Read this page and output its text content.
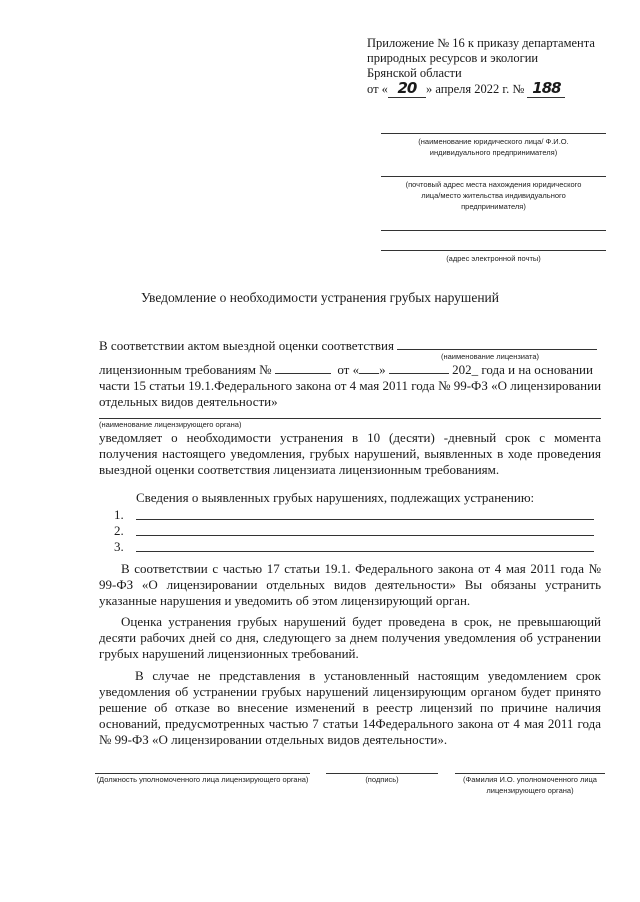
Приложение № 16 к приказу департамента
природных ресурсов и экологии
Брянской области
от « 20 » апреля 2022 г. № 188
(наименование юридического лица/ Ф.И.О.
индивидуального предпринимателя)
(почтовый адрес места нахождения юридического
лица/место жительства индивидуального
предпринимателя)
(адрес электронной почты)
Уведомление о необходимости устранения грубых нарушений
В соответствии актом выездной оценки соответствия
(наименование лицензиата)
лицензионным требованиям №	от « »	202_ года и на основании
части 15 статьи 19.1.Федерального закона от 4 мая 2011 года № 99-ФЗ «О лицензировании
отдельных видов деятельности»
(наименование лицензирующего органа)
уведомляет о необходимости устранения в 10 (десяти) -дневный срок с момента получения настоящего уведомления, грубых нарушений, выявленных в ходе проведения выездной оценки соответствия лицензиата лицензионным требованиям.
Сведения о выявленных грубых нарушениях, подлежащих устранению:
1.
2.
3.
В соответствии с частью 17 статьи 19.1. Федерального закона от 4 мая 2011 года № 99-ФЗ «О лицензировании отдельных видов деятельности» Вы обязаны устранить указанные нарушения и уведомить об этом лицензирующий орган.
Оценка устранения грубых нарушений будет проведена в срок, не превышающий десяти рабочих дней со дня, следующего за днем получения уведомления об устранении грубых нарушений лицензионных требований.
В случае не представления в установленный настоящим уведомлением срок уведомления об устранении грубых нарушений лицензирующим органом будет принято решение об отказе во внесение изменений в реестр лицензий по причине наличия оснований, предусмотренных частью 7 статьи 14Федерального закона от 4 мая 2011 года № 99-ФЗ «О лицензировании отдельных видов деятельности».
(Должность уполномоченного лица лицензирующего органа)	(подпись)	(Фамилия И.О. уполномоченного лица
лицензирующего органа)
